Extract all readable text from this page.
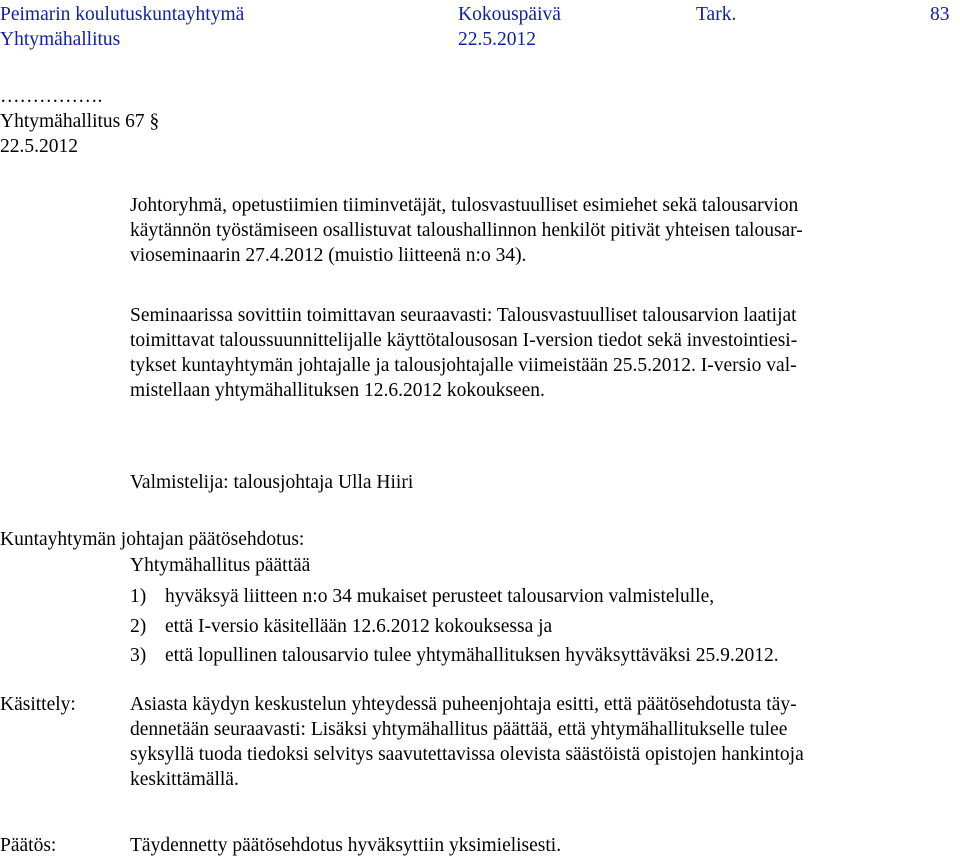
Peimarin koulutuskuntayhtymä	Kokouspäivä	Tark.	83
Yhtymähallitus	22.5.2012
…………….
Yhtymähallitus 67 §
22.5.2012
Johtoryhmä, opetustiimien tiiminvetäjät, tulosvastuulliset esimiehet sekä talousarvion
käytännön työstämiseen osallistuvat taloushallinnon henkilöt pitivät yhteisen talousar-
vioseminaarin 27.4.2012 (muistio liitteenä n:o 34).
Seminaarissa sovittiin toimittavan seuraavasti: Talousvastuulliset talousarvion laatijat
toimittavat taloussuunnittelijalle käyttötalousosan I-version tiedot sekä investointiesi-
tykset kuntayhtymän johtajalle ja talousjohtajalle viimeistään 25.5.2012. I-versio val-
mistellaan yhtymähallituksen 12.6.2012 kokoukseen.
Valmistelija: talousjohtaja Ulla Hiiri
Kuntayhtymän johtajan päätösehdotus:
Yhtymähallitus päättää
1) hyväksyä liitteen n:o 34 mukaiset perusteet talousarvion valmistelulle,
2) että I-versio käsitellään 12.6.2012 kokouksessa ja
3) että lopullinen talousarvio tulee yhtymähallituksen hyväksyttäväksi 25.9.2012.
Käsittely:	Asiasta käydyn keskustelun yhteydessä puheenjohtaja esitti, että päätösehdotusta täy-
dennetään seuraavasti: Lisäksi yhtymähallitus päättää, että yhtymähallitukselle tulee
syksyllä tuoda tiedoksi selvitys saavutettavissa olevista säästöistä opistojen hankintoja
keskittämällä.
Päätös:	Täydennetty päätösehdotus hyväksyttiin yksimielisesti.
